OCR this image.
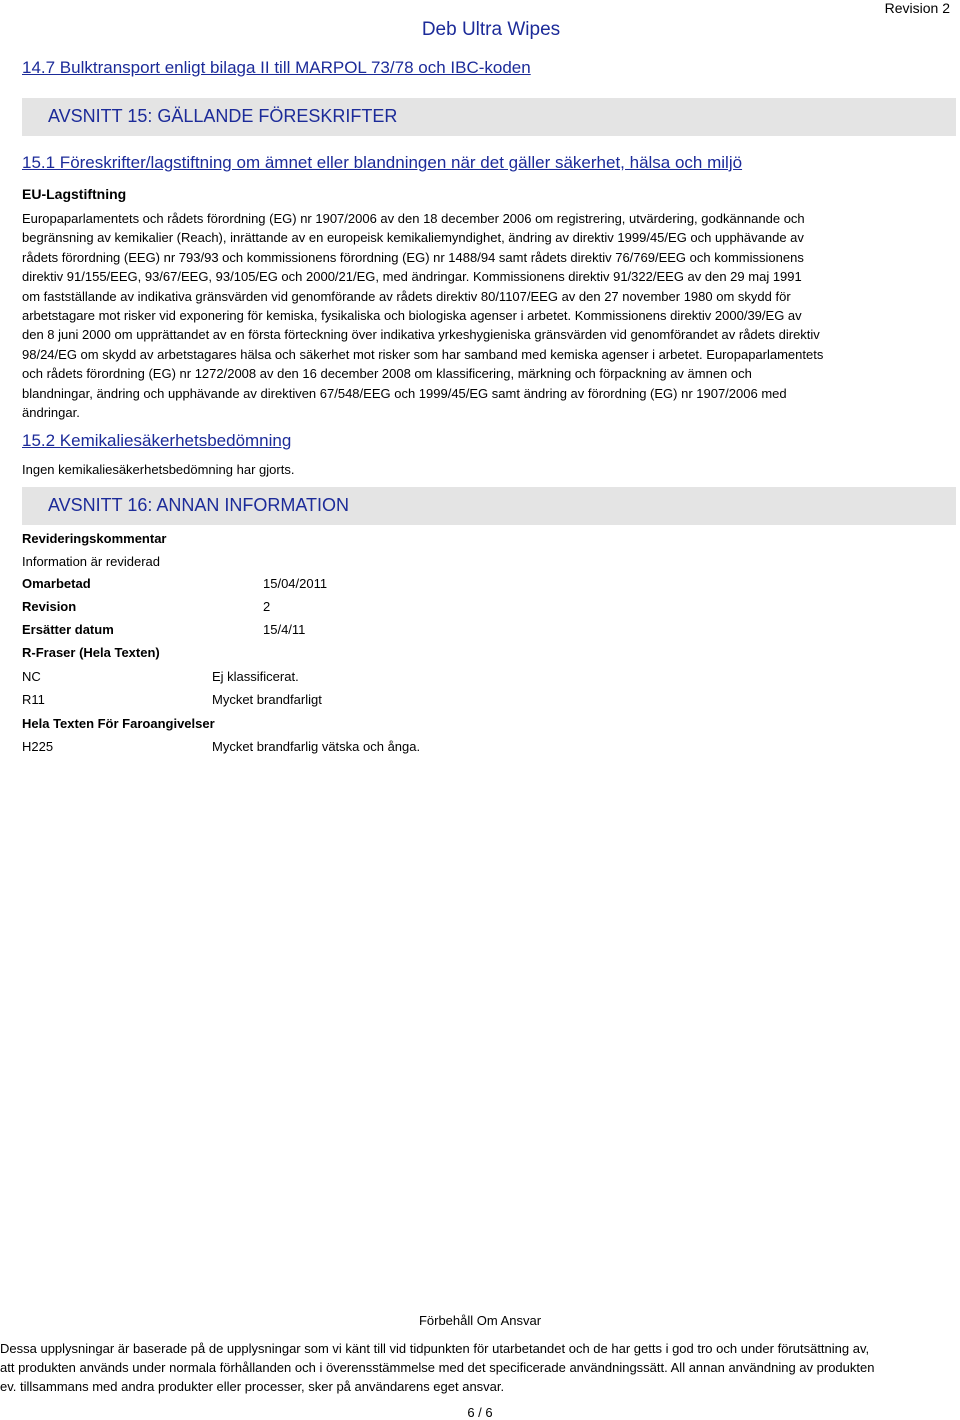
Deb Ultra Wipes
Revision 2
14.7 Bulktransport enligt bilaga II till MARPOL 73/78 och IBC-koden
AVSNITT 15: GÄLLANDE FÖRESKRIFTER
15.1 Föreskrifter/lagstiftning om ämnet eller blandningen när det gäller säkerhet, hälsa och miljö
EU-Lagstiftning
Europaparlamentets och rådets förordning (EG) nr 1907/2006 av den 18 december 2006 om registrering, utvärdering, godkännande och
begränsning av kemikalier (Reach), inrättande av en europeisk kemikaliemyndighet, ändring av direktiv 1999/45/EG och upphävande av
rådets förordning (EEG) nr 793/93 och kommissionens förordning (EG) nr 1488/94 samt rådets direktiv 76/769/EEG och kommissionens
direktiv 91/155/EEG, 93/67/EEG, 93/105/EG och 2000/21/EG, med ändringar. Kommissionens direktiv 91/322/EEG av den 29 maj 1991
om fastställande av indikativa gränsvärden vid genomförande av rådets direktiv 80/1107/EEG av den 27 november 1980 om skydd för
arbetstagare mot risker vid exponering för kemiska, fysikaliska och biologiska agenser i arbetet. Kommissionens direktiv 2000/39/EG av
den 8 juni 2000 om upprättandet av en första förteckning över indikativa yrkeshygieniska gränsvärden vid genomförandet av rådets direktiv
98/24/EG om skydd av arbetstagares hälsa och säkerhet mot risker som har samband med kemiska agenser i arbetet. Europaparlamentets
och rådets förordning (EG) nr 1272/2008 av den 16 december 2008 om klassificering, märkning och förpackning av ämnen och
blandningar, ändring och upphävande av direktiven 67/548/EEG och 1999/45/EG samt ändring av förordning (EG) nr 1907/2006 med
ändringar.
15.2 Kemikaliesäkerhetsbedömning
Ingen kemikaliesäkerhetsbedömning har gjorts.
AVSNITT 16: ANNAN INFORMATION
Revideringskommentar
Information är reviderad
Omarbetad	15/04/2011
Revision	2
Ersätter datum	15/4/11
R-Fraser (Hela Texten)
NC	Ej klassificerat.
R11	Mycket brandfarligt
Hela Texten För Faroangivelser
H225	Mycket brandfarlig vätska och ånga.
Förbehåll Om Ansvar
Dessa upplysningar är baserade på de upplysningar som vi känt till vid tidpunkten för utarbetandet och de har getts i god tro och under förutsättning av,
att produkten används under normala förhållanden och i överensstämmelse med det specificerade användningssätt. All annan användning av produkten
ev. tillsammans med andra produkter eller processer, sker på användarens eget ansvar.
6 / 6
